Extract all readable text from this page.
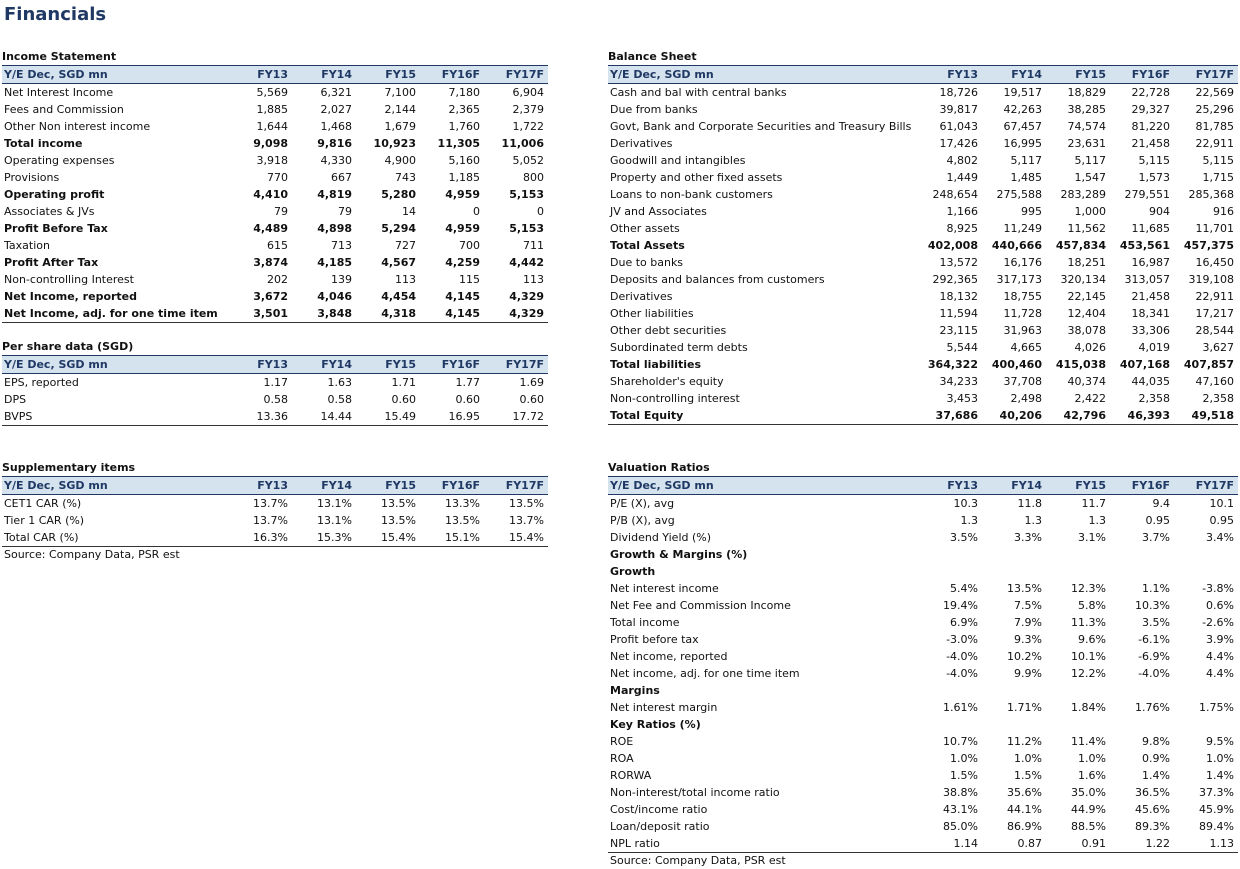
Financials
Income Statement
Y/E Dec, SGD mn	FY13	FY14	FY15	FY16F	FY17F
Net Interest Income	5,569	6,321	7,100	7,180	6,904
Fees and Commission	1,885	2,027	2,144	2,365	2,379
Other Non interest income	1,644	1,468	1,679	1,760	1,722
Total income	9,098	9,816	10,923	11,305	11,006
Operating expenses	3,918	4,330	4,900	5,160	5,052
Provisions	770	667	743	1,185	800
Operating profit	4,410	4,819	5,280	4,959	5,153
Associates & JVs	79	79	14	0	0
Profit Before Tax	4,489	4,898	5,294	4,959	5,153
Taxation	615	713	727	700	711
Profit After Tax	3,874	4,185	4,567	4,259	4,442
Non-controlling Interest	202	139	113	115	113
Net Income, reported	3,672	4,046	4,454	4,145	4,329
Net Income, adj. for one time item	3,501	3,848	4,318	4,145	4,329
Per share data (SGD)
Y/E Dec, SGD mn	FY13	FY14	FY15	FY16F	FY17F
EPS, reported	1.17	1.63	1.71	1.77	1.69
DPS	0.58	0.58	0.60	0.60	0.60
BVPS	13.36	14.44	15.49	16.95	17.72
Supplementary items
Y/E Dec, SGD mn	FY13	FY14	FY15	FY16F	FY17F
CET1 CAR (%)	13.7%	13.1%	13.5%	13.3%	13.5%
Tier 1 CAR (%)	13.7%	13.1%	13.5%	13.5%	13.7%
Total CAR (%)	16.3%	15.3%	15.4%	15.1%	15.4%
Source: Company Data, PSR est
Balance Sheet
Y/E Dec, SGD mn	FY13	FY14	FY15	FY16F	FY17F
Cash and bal with central banks	18,726	19,517	18,829	22,728	22,569
Due from banks	39,817	42,263	38,285	29,327	25,296
Govt, Bank and Corporate Securities and Treasury Bills	61,043	67,457	74,574	81,220	81,785
Derivatives	17,426	16,995	23,631	21,458	22,911
Goodwill and intangibles	4,802	5,117	5,117	5,115	5,115
Property and other fixed assets	1,449	1,485	1,547	1,573	1,715
Loans to non-bank customers	248,654	275,588	283,289	279,551	285,368
JV and Associates	1,166	995	1,000	904	916
Other assets	8,925	11,249	11,562	11,685	11,701
Total Assets	402,008	440,666	457,834	453,561	457,375
Due to banks	13,572	16,176	18,251	16,987	16,450
Deposits and balances from customers	292,365	317,173	320,134	313,057	319,108
Derivatives	18,132	18,755	22,145	21,458	22,911
Other liabilities	11,594	11,728	12,404	18,341	17,217
Other debt securities	23,115	31,963	38,078	33,306	28,544
Subordinated term debts	5,544	4,665	4,026	4,019	3,627
Total liabilities	364,322	400,460	415,038	407,168	407,857
Shareholder's equity	34,233	37,708	40,374	44,035	47,160
Non-controlling interest	3,453	2,498	2,422	2,358	2,358
Total Equity	37,686	40,206	42,796	46,393	49,518
Valuation Ratios
Y/E Dec, SGD mn	FY13	FY14	FY15	FY16F	FY17F
P/E (X), avg	10.3	11.8	11.7	9.4	10.1
P/B (X), avg	1.3	1.3	1.3	0.95	0.95
Dividend Yield (%)	3.5%	3.3%	3.1%	3.7%	3.4%
Growth & Margins (%)					
Growth					
Net interest income	5.4%	13.5%	12.3%	1.1%	-3.8%
Net Fee and Commission Income	19.4%	7.5%	5.8%	10.3%	0.6%
Total income	6.9%	7.9%	11.3%	3.5%	-2.6%
Profit before tax	-3.0%	9.3%	9.6%	-6.1%	3.9%
Net income, reported	-4.0%	10.2%	10.1%	-6.9%	4.4%
Net income, adj. for one time item	-4.0%	9.9%	12.2%	-4.0%	4.4%
Margins					
Net interest margin	1.61%	1.71%	1.84%	1.76%	1.75%
Key Ratios (%)					
ROE	10.7%	11.2%	11.4%	9.8%	9.5%
ROA	1.0%	1.0%	1.0%	0.9%	1.0%
RORWA	1.5%	1.5%	1.6%	1.4%	1.4%
Non-interest/total income ratio	38.8%	35.6%	35.0%	36.5%	37.3%
Cost/income ratio	43.1%	44.1%	44.9%	45.6%	45.9%
Loan/deposit ratio	85.0%	86.9%	88.5%	89.3%	89.4%
NPL ratio	1.14	0.87	0.91	1.22	1.13
Source: Company Data, PSR est
